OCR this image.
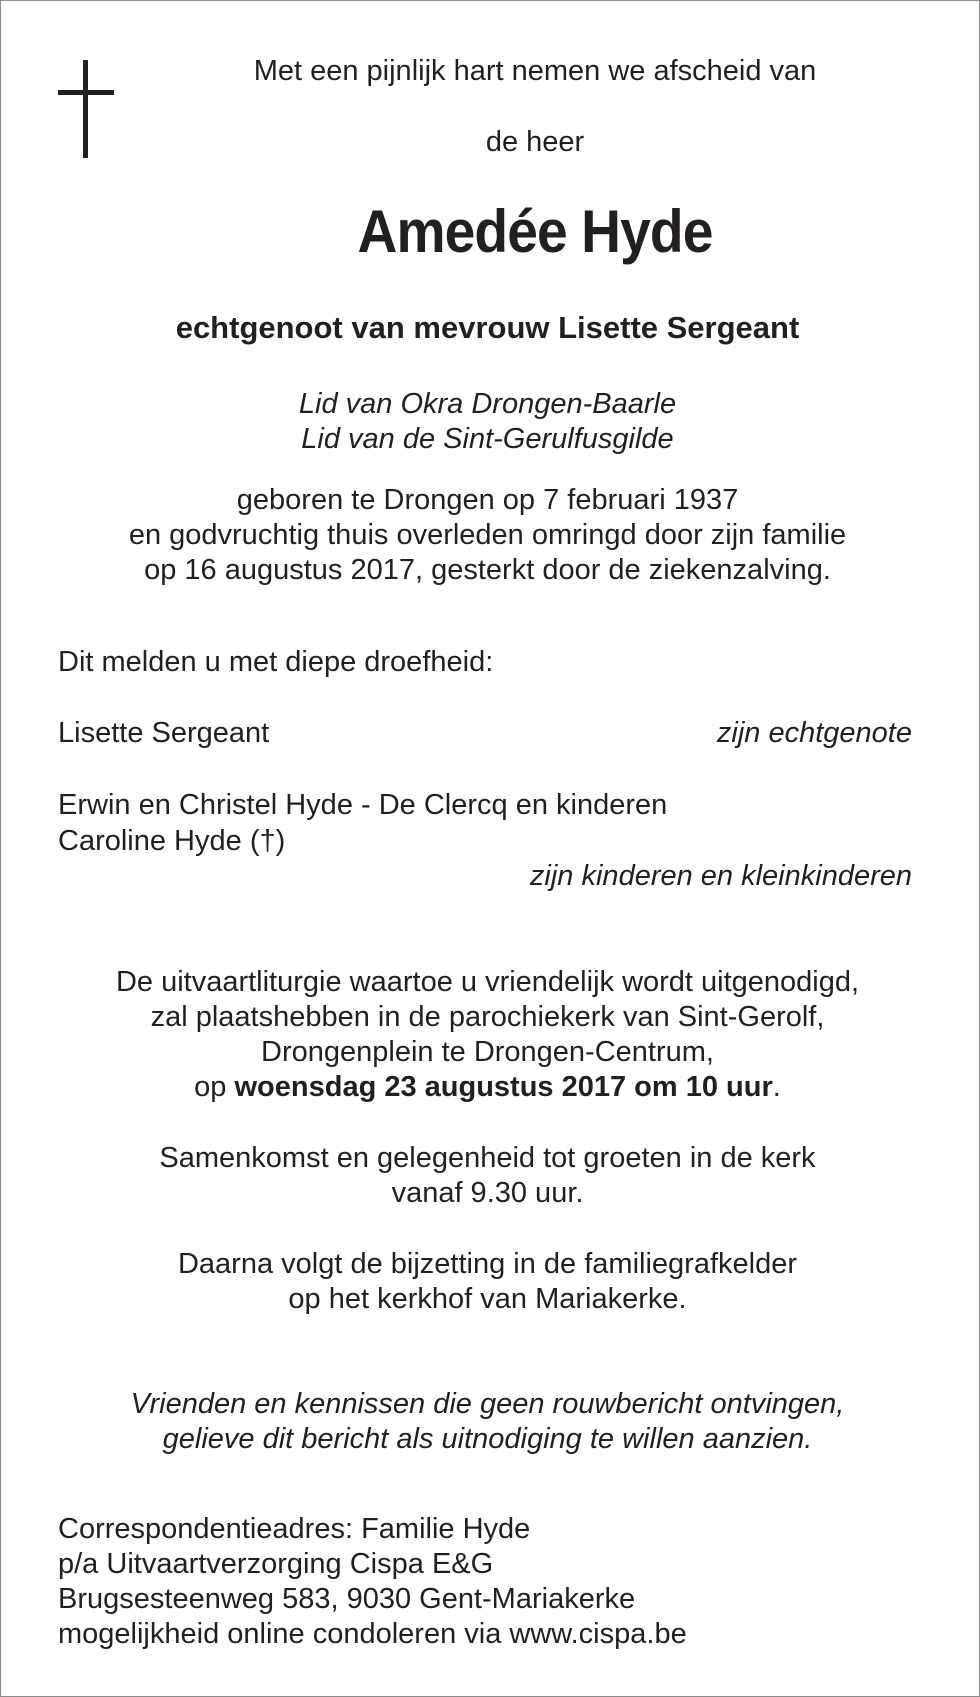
Met een pijnlijk hart nemen we afscheid van
de heer
Amedée Hyde
echtgenoot van mevrouw Lisette Sergeant
Lid van Okra Drongen-Baarle
Lid van de Sint-Gerulfusgilde
geboren te Drongen op 7 februari 1937
en godvruchtig thuis overleden omringd door zijn familie
op 16 augustus 2017, gesterkt door de ziekenzalving.
Dit melden u met diepe droefheid:
Lisette Sergeant	zijn echtgenote
Erwin en Christel Hyde - De Clercq en kinderen
Caroline Hyde (†)
zijn kinderen en kleinkinderen
De uitvaartliturgie waartoe u vriendelijk wordt uitgenodigd,
zal plaatshebben in de parochiekerk van Sint-Gerolf,
Drongenplein te Drongen-Centrum,
op woensdag 23 augustus 2017 om 10 uur.
Samenkomst en gelegenheid tot groeten in de kerk
vanaf 9.30 uur.
Daarna volgt de bijzetting in de familiegrafkelder
op het kerkhof van Mariakerke.
Vrienden en kennissen die geen rouwbericht ontvingen,
gelieve dit bericht als uitnodiging te willen aanzien.
Correspondentieadres: Familie Hyde
p/a Uitvaartverzorging Cispa E&G
Brugsesteenweg 583, 9030 Gent-Mariakerke
mogelijkheid online condoleren via www.cispa.be
